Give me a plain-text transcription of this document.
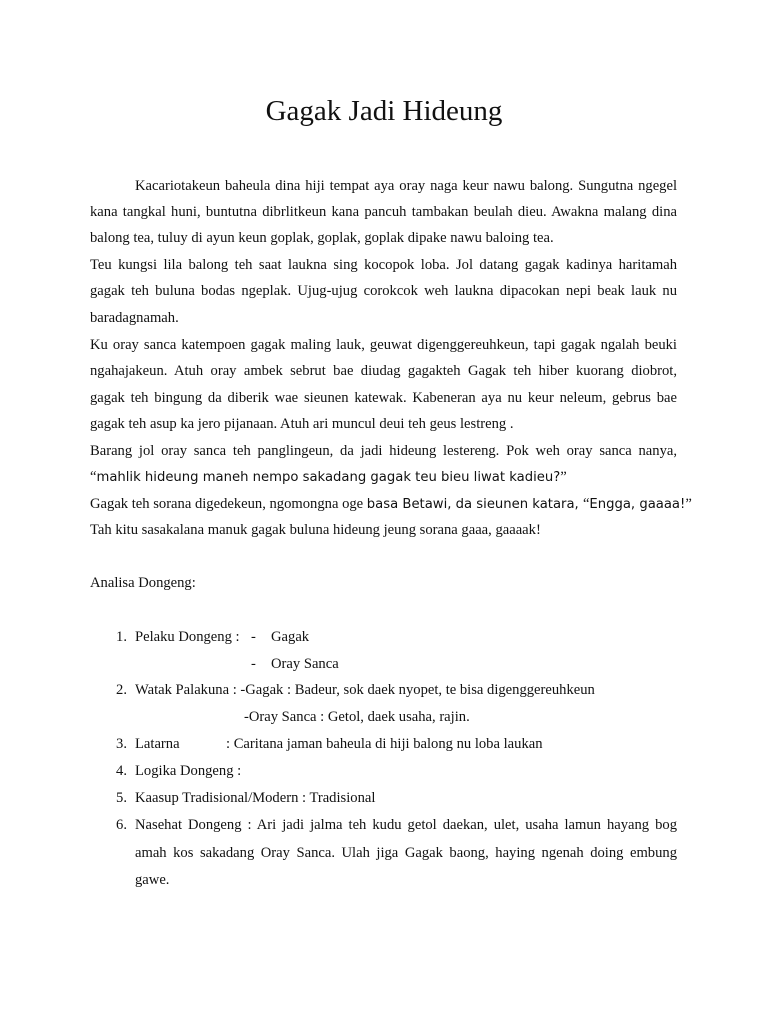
Gagak Jadi Hideung
Kacariotakeun baheula dina hiji tempat aya oray naga keur nawu balong. Sungutna ngegel
kana tangkal huni, buntutna dibrlitkeun kana pancuh tambakan beulah dieu. Awakna malang dina
balong tea, tuluy di ayun keun goplak, goplak, goplak dipake nawu baloing tea.
Teu kungsi lila balong teh saat laukna sing kocopok loba. Jol datang gagak kadinya haritamah
gagak teh buluna bodas ngeplak. Ujug-ujug corokcok weh laukna dipacokan nepi beak lauk nu
baradagnamah.
Ku oray sanca katempoen gagak maling lauk, geuwat digenggereuhkeun, tapi gagak ngalah beuki
ngahajakeun. Atuh oray ambek sebrut bae diudag gagakteh Gagak teh hiber kuorang diobrot,
gagak teh bingung da diberik wae sieunen katewak. Kabeneran aya nu keur neleum, gebrus bae
gagak teh asup ka jero pijanaan. Atuh ari muncul deui teh geus lestreng .
Barang jol oray sanca teh panglingeun, da jadi hideung lestereng. Pok weh oray sanca nanya,
“mahlik hideung maneh nempo sakadang gagak teu bieu liwat kadieu?”
Gagak teh sorana digedekeun, ngomongna oge basa Betawi, da sieunen katara, “Engga, gaaaa!”
Tah kitu sasakalana manuk gagak buluna hideung jeung sorana gaaa, gaaaak!
Analisa Dongeng:
1. Pelaku Dongeng : - Gagak
- Oray Sanca
2. Watak Palakuna : -Gagak : Badeur, sok daek nyopet, te bisa digenggereuhkeun
-Oray Sanca : Getol, daek usaha, rajin.
3. Latarna	: Caritana jaman baheula di hiji balong nu loba laukan
4. Logika Dongeng :
5. Kaasup Tradisional/Modern : Tradisional
6. Nasehat Dongeng : Ari jadi jalma teh kudu getol daekan, ulet, usaha lamun hayang bog
amah kos sakadang Oray Sanca. Ulah jiga Gagak baong, haying ngenah doing embung
gawe.
